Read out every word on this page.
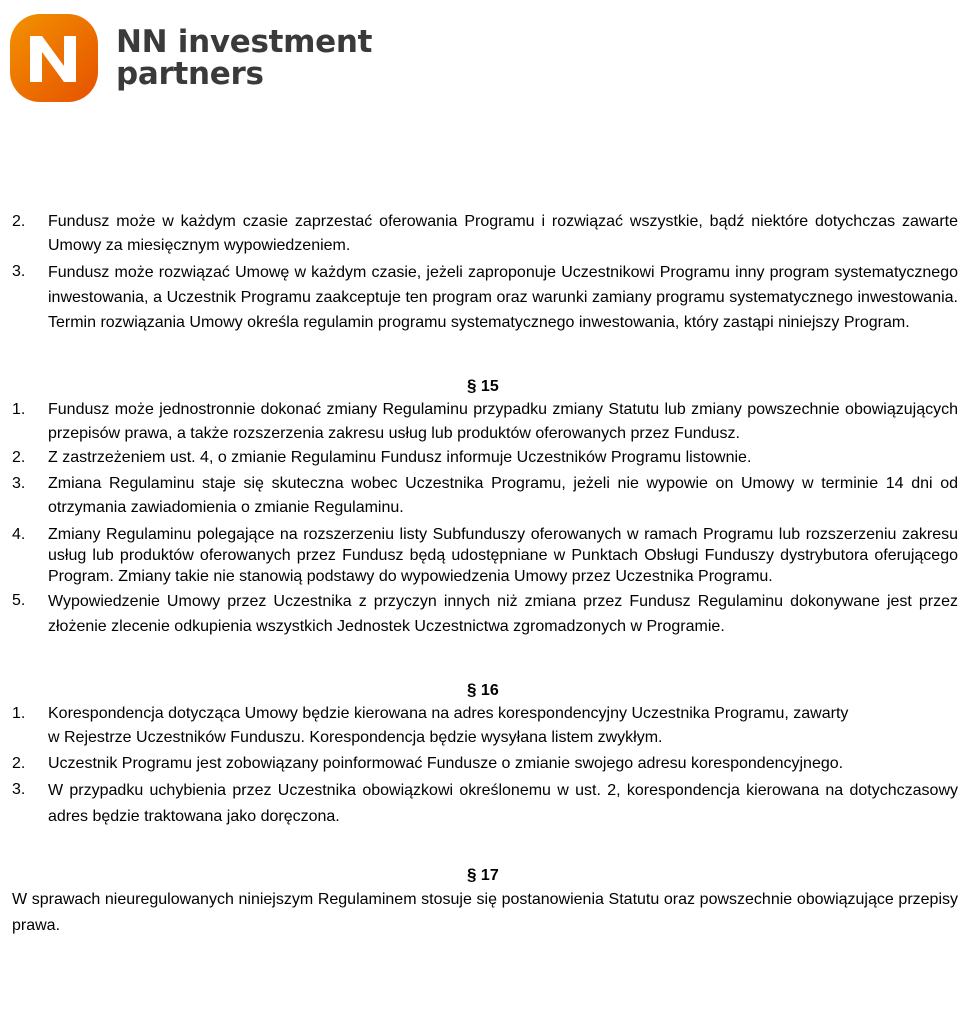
NN investment
partners
2.	Fundusz może w każdym czasie zaprzestać oferowania Programu i rozwiązać wszystkie, bądź niektóre dotychczas zawarte Umowy za miesięcznym wypowiedzeniem.
3.	Fundusz może rozwiązać Umowę w każdym czasie, jeżeli zaproponuje Uczestnikowi Programu inny program systematycznego inwestowania, a Uczestnik Programu zaakceptuje ten program oraz warunki zamiany programu systematycznego inwestowania. Termin rozwiązania Umowy określa regulamin programu systematycznego inwestowania, który zastąpi niniejszy Program.
§ 15
1.	Fundusz może jednostronnie dokonać zmiany Regulaminu przypadku zmiany Statutu lub zmiany powszechnie obowiązujących przepisów prawa, a także rozszerzenia zakresu usług lub produktów oferowanych przez Fundusz.
2.	Z zastrzeżeniem ust. 4, o zmianie Regulaminu Fundusz informuje Uczestników Programu listownie.
3.	Zmiana Regulaminu staje się skuteczna wobec Uczestnika Programu, jeżeli nie wypowie on Umowy w terminie 14 dni od otrzymania zawiadomienia o zmianie Regulaminu.
4.	Zmiany Regulaminu polegające na rozszerzeniu listy Subfunduszy oferowanych w ramach Programu lub rozszerzeniu zakresu usług lub produktów oferowanych przez Fundusz będą udostępniane w Punktach Obsługi Funduszy dystrybutora oferującego Program. Zmiany takie nie stanowią podstawy do wypowiedzenia Umowy przez Uczestnika Programu.
5.	Wypowiedzenie Umowy przez Uczestnika z przyczyn innych niż zmiana przez Fundusz Regulaminu dokonywane jest przez złożenie zlecenie odkupienia wszystkich Jednostek Uczestnictwa zgromadzonych w Programie.
§ 16
1.	Korespondencja dotycząca Umowy będzie kierowana na adres korespondencyjny Uczestnika Programu, zawarty
w Rejestrze Uczestników Funduszu. Korespondencja będzie wysyłana listem zwykłym.
2.	Uczestnik Programu jest zobowiązany poinformować Fundusze o zmianie swojego adresu korespondencyjnego.
3.	W przypadku uchybienia przez Uczestnika obowiązkowi określonemu w ust. 2, korespondencja kierowana na dotychczasowy adres będzie traktowana jako doręczona.
§ 17
W sprawach nieuregulowanych niniejszym Regulaminem stosuje się postanowienia Statutu oraz powszechnie obowiązujące przepisy prawa.
